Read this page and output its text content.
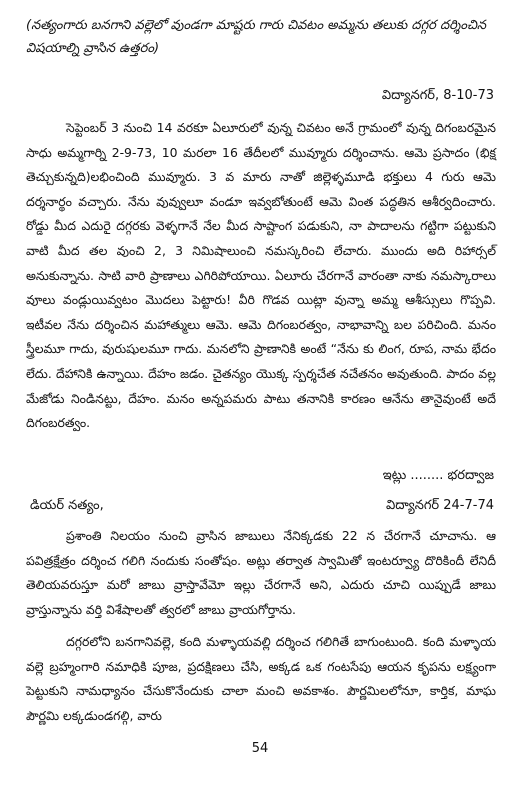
(నత్యంగారు బనగాని వల్లెలో వుండగా మాష్టరు గారు చివటం అమ్మను తలుకు దగ్గర దర్శించిన విషయాల్ని వ్రాసిన ఉత్తరం)

విద్యానగర్, 8-10-73

సెప్టెంబర్ 3 నుంచి 14 వరకూ ఏలూరులో వున్న చివటం అనే గ్రామంలో వున్న దిగంబరమైన సాధు అమ్మగార్ని 2-9-73, 10 మరలా 16 తేదీలలో మువ్మూరు దర్శించాను. ఆమె ప్రసాదం (భిక్ష తెచ్చుకున్నది)లభించింది మువ్మూరు. 3 వ మారు నాతో జిల్లెళ్ళమూడి భక్తులు 4 గురు ఆమె దర్శనార్థం వచ్చారు. నేను వువ్వులూ వండూ ఇవ్వబోతుంటే ఆమె వింత పద్ధతిన ఆశీర్వదించారు. రోడ్డు మీద ఎదురై దగ్గరకు వెళ్ళగానే నేల మీద సాష్టాంగ పడుకుని, నా పాదాలను గట్టిగా పట్టుకుని వాటి మీద తల వుంచి 2, 3 నిమిషాలుంచి నమస్కరించి లేచారు. ముందు అది రిహార్సల్ అనుకున్నాను. సాటి వారి ప్రాణాలు ఎగిరిపోయాయి. ఏలూరు చేరగానే వారంతా నాకు నమస్కారాలు వూలు వండ్లుయివ్వటం మొదలు పెట్టారు! వీరి గొడవ యిట్లా వున్నా అమ్మ ఆశీస్సులు గొప్పవి. ఇటీవల నేను దర్శించిన మహాత్ములు ఆమె. ఆమె దిగంబరత్వం, నాభావాన్ని బల పరిచింది. మనం స్త్రీలమూ గాదు, వురుషులమూ గాదు. మనలోని ప్రాణానికి అంటే “నేను కు లింగ, రూప, నామ భేదం లేదు. దేహానికి ఉన్నాయి. దేహం జడం. చైతన్యం యొక్క స్పర్శచేత నచేతనం అవుతుంది. పాదం వల్ల మేజోడు నిండినట్టు, దేహం. మనం అన్నపమరు పాటు తనానికి కారణం ఆనేను తానైవుంటే అదే దిగంబరత్వం.

ఇట్లు ........ భరద్వాజ

డియర్ నత్యం,	విద్యానగర్ 24-7-74

ప్రశాంతి నిలయం నుంచి వ్రాసిన జాబులు నేనిక్కడకు 22 న చేరగానే చూచాను. ఆ పవిత్రక్షేత్రం దర్శించ గలిగి నందుకు సంతోషం. అట్లు తర్వాత స్వామితో ఇంటర్వ్యూ దొరికిందీ లేనిదీ తెలియవరుస్తూ మరో జాబు వ్రాస్తావేమో ఇల్లు చేరగానే అని, ఎదురు చూచి యిప్పుడే జాబు వ్రాస్తున్నాను వర్తి విశేషాలతో త్వరలో జాబు వ్రాయగోర్తాను.

దగ్గరలోని బనగానివల్లె, కంది మళ్ళాయవల్లి దర్శించ గలిగితే బాగుంటుంది. కంది మళ్ళాయ వల్లె బ్రహ్మంగారి నమాధికి పూజ, ప్రదక్షిణలు చేసి, అక్కడ ఒక గంటసేపు ఆయన కృపను లక్ష్యంగా పెట్టుకుని నామధ్యానం చేసుకొనేందుకు చాలా మంచి అవకాశం. పౌర్ణమిలలోనూ, కార్తిక, మాఘ పౌర్ణమి లక్కడుండగల్గి, వారు

54
